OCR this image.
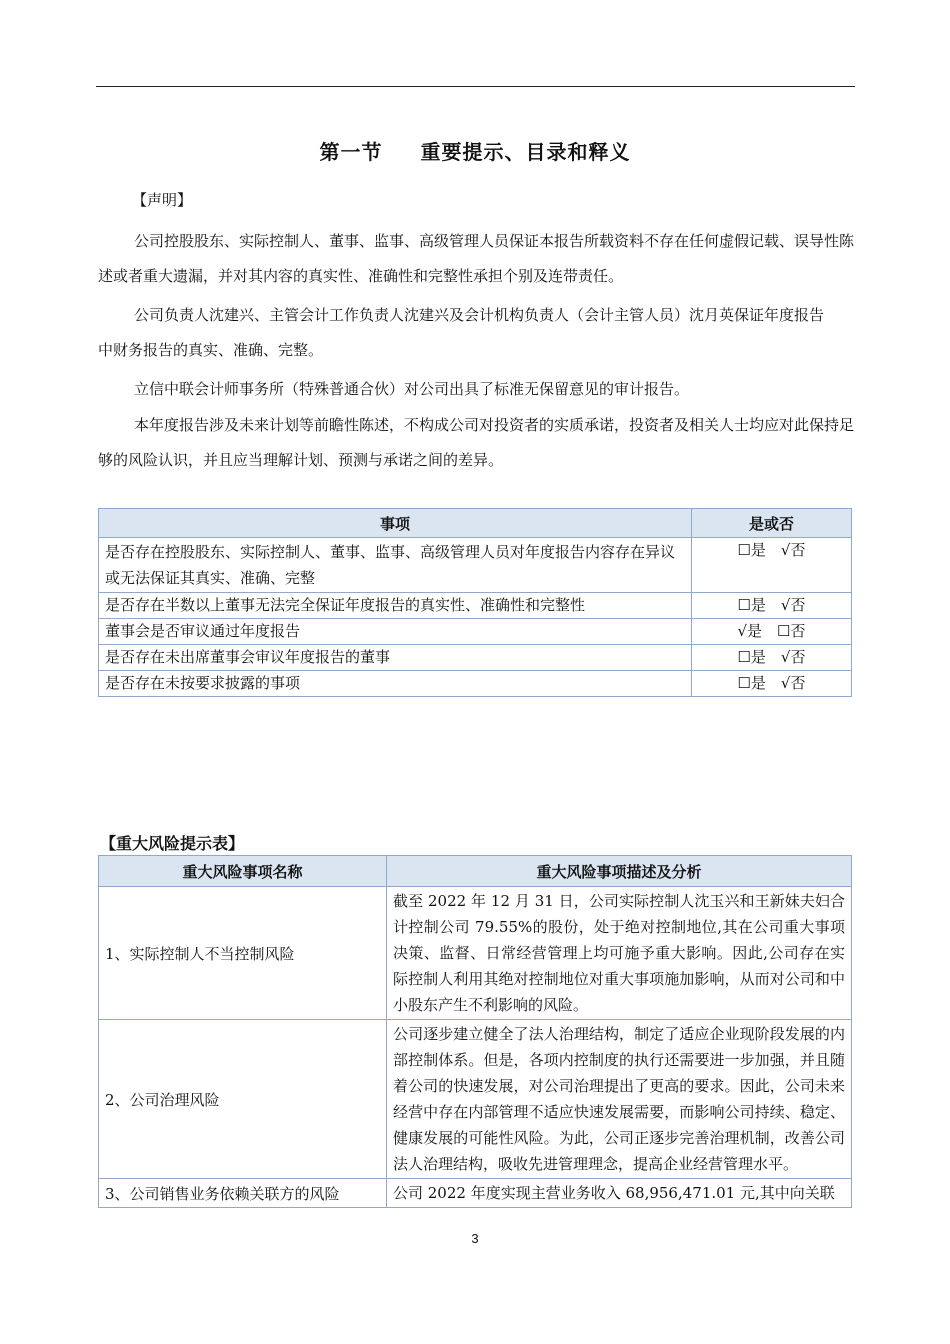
第一节 重要提示、目录和释义
【声明】
公司控股股东、实际控制人、董事、监事、高级管理人员保证本报告所载资料不存在任何虚假记载、误导性陈述或者重大遗漏，并对其内容的真实性、准确性和完整性承担个别及连带责任。
公司负责人沈建兴、主管会计工作负责人沈建兴及会计机构负责人（会计主管人员）沈月英保证年度报告中财务报告的真实、准确、完整。
立信中联会计师事务所（特殊普通合伙）对公司出具了标准无保留意见的审计报告。
本年度报告涉及未来计划等前瞻性陈述，不构成公司对投资者的实质承诺，投资者及相关人士均应对此保持足够的风险认识，并且应当理解计划、预测与承诺之间的差异。
事项	是或否
是否存在控股股东、实际控制人、董事、监事、高级管理人员对年度报告内容存在异议或无法保证其真实、准确、完整	☐是　√否
是否存在半数以上董事无法完全保证年度报告的真实性、准确性和完整性	☐是　√否
董事会是否审议通过年度报告	√是　☐否
是否存在未出席董事会审议年度报告的董事	☐是　√否
是否存在未按要求披露的事项	☐是　√否
【重大风险提示表】
重大风险事项名称	重大风险事项描述及分析
1、实际控制人不当控制风险	截至 2022 年 12 月 31 日，公司实际控制人沈玉兴和王新妹夫妇合计控制公司 79.55%的股份，处于绝对控制地位,其在公司重大事项决策、监督、日常经营管理上均可施予重大影响。因此,公司存在实际控制人利用其绝对控制地位对重大事项施加影响，从而对公司和中小股东产生不利影响的风险。
2、公司治理风险	公司逐步建立健全了法人治理结构，制定了适应企业现阶段发展的内部控制体系。但是，各项内控制度的执行还需要进一步加强，并且随着公司的快速发展，对公司治理提出了更高的要求。因此，公司未来经营中存在内部管理不适应快速发展需要，而影响公司持续、稳定、健康发展的可能性风险。为此，公司正逐步完善治理机制，改善公司法人治理结构，吸收先进管理理念，提高企业经营管理水平。
3、公司销售业务依赖关联方的风险	公司 2022 年度实现主营业务收入 68,956,471.01 元,其中向关联
3
